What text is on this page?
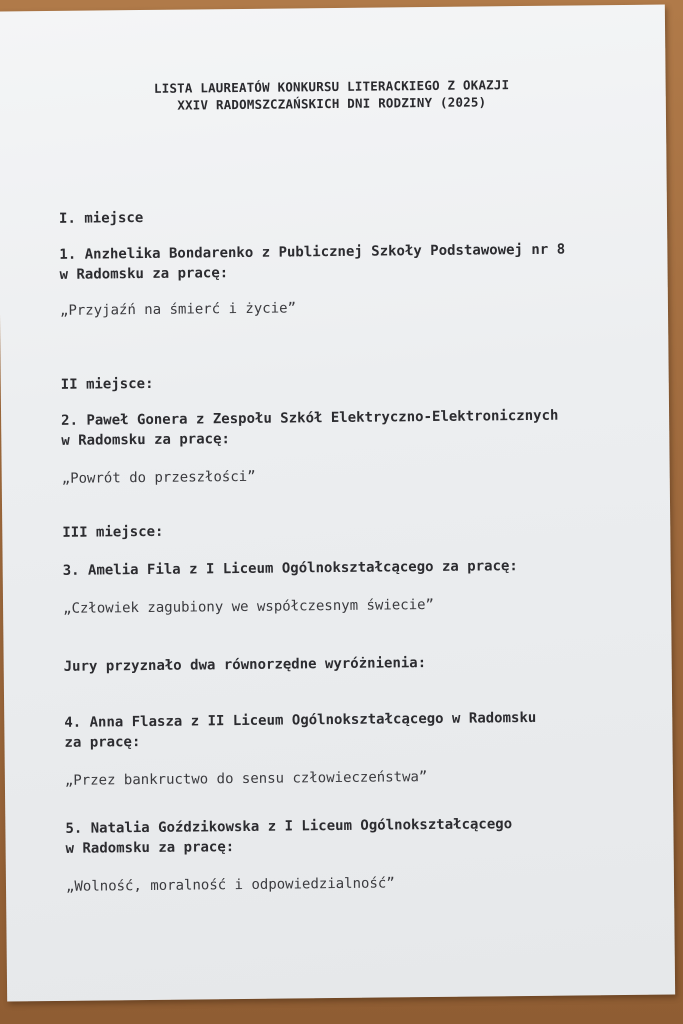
LISTA LAUREATÓW KONKURSU LITERACKIEGO Z OKAZJI
XXIV RADOMSZCZAŃSKICH DNI RODZINY (2025)
I. miejsce
1. Anzhelika Bondarenko z Publicznej Szkoły Podstawowej nr 8
w Radomsku za pracę:
„Przyjaźń na śmierć i życie”
II miejsce:
2. Paweł Gonera z Zespołu Szkół Elektryczno-Elektronicznych
w Radomsku za pracę:
„Powrót do przeszłości”
III miejsce:
3. Amelia Fila z I Liceum Ogólnokształcącego za pracę:
„Człowiek zagubiony we współczesnym świecie”
Jury przyznało dwa równorzędne wyróżnienia:
4. Anna Flasza z II Liceum Ogólnokształcącego w Radomsku
za pracę:
„Przez bankructwo do sensu człowieczeństwa”
5. Natalia Goździkowska z I Liceum Ogólnokształcącego
w Radomsku za pracę:
„Wolność, moralność i odpowiedzialność”
